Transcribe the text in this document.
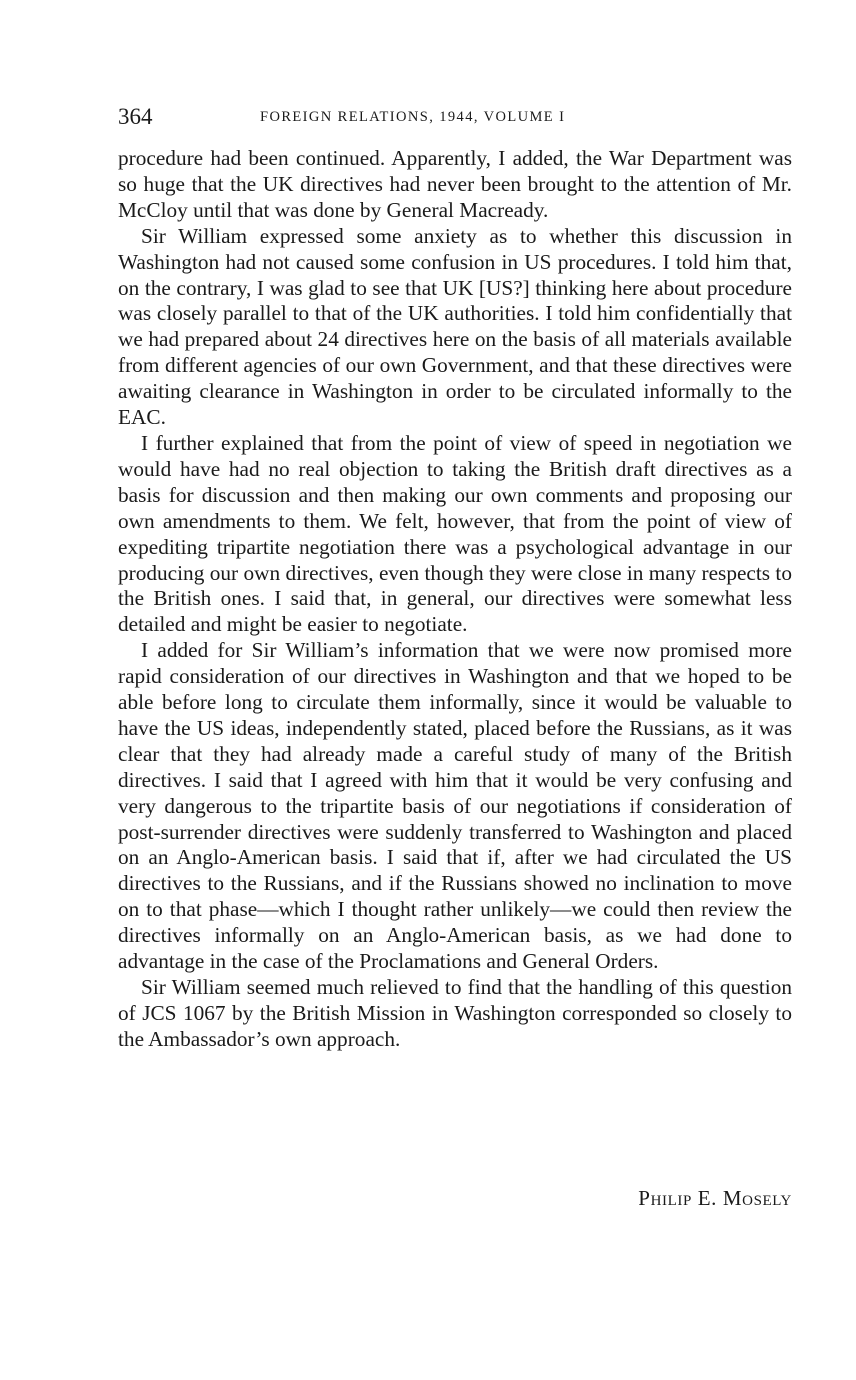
364	FOREIGN RELATIONS, 1944, VOLUME I

procedure had been continued. Apparently, I added, the War Department was so huge that the UK directives had never been brought to the attention of Mr. McCloy until that was done by General Macready.

Sir William expressed some anxiety as to whether this discussion in Washington had not caused some confusion in US procedures. I told him that, on the contrary, I was glad to see that UK [US?] thinking here about procedure was closely parallel to that of the UK authorities. I told him confidentially that we had prepared about 24 directives here on the basis of all materials available from different agencies of our own Government, and that these directives were awaiting clearance in Washington in order to be circulated informally to the EAC.

I further explained that from the point of view of speed in negotiation we would have had no real objection to taking the British draft directives as a basis for discussion and then making our own comments and proposing our own amendments to them. We felt, however, that from the point of view of expediting tripartite negotiation there was a psychological advantage in our producing our own directives, even though they were close in many respects to the British ones. I said that, in general, our directives were somewhat less detailed and might be easier to negotiate.

I added for Sir William’s information that we were now promised more rapid consideration of our directives in Washington and that we hoped to be able before long to circulate them informally, since it would be valuable to have the US ideas, independently stated, placed before the Russians, as it was clear that they had already made a careful study of many of the British directives. I said that I agreed with him that it would be very confusing and very dangerous to the tripartite basis of our negotiations if consideration of post-surrender directives were suddenly transferred to Washington and placed on an Anglo-American basis. I said that if, after we had circulated the US directives to the Russians, and if the Russians showed no inclination to move on to that phase—which I thought rather unlikely—we could then review the directives informally on an Anglo-American basis, as we had done to advantage in the case of the Proclamations and General Orders.

Sir William seemed much relieved to find that the handling of this question of JCS 1067 by the British Mission in Washington corresponded so closely to the Ambassador’s own approach.

Philip E. Mosely
